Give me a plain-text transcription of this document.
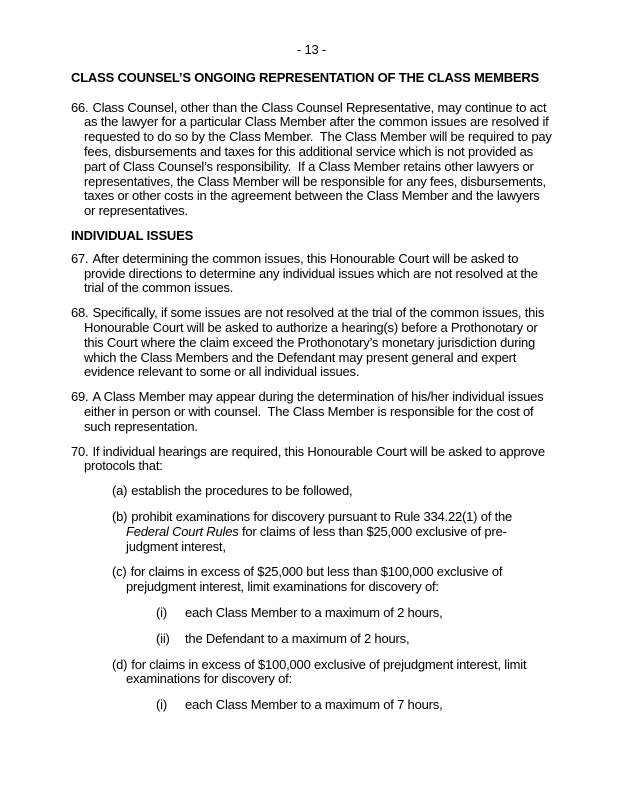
- 13 -
CLASS COUNSEL’S ONGOING REPRESENTATION OF THE CLASS MEMBERS

66. Class Counsel, other than the Class Counsel Representative, may continue to act as the lawyer for a particular Class Member after the common issues are resolved if requested to do so by the Class Member.  The Class Member will be required to pay fees, disbursements and taxes for this additional service which is not provided as part of Class Counsel’s responsibility.  If a Class Member retains other lawyers or representatives, the Class Member will be responsible for any fees, disbursements, taxes or other costs in the agreement between the Class Member and the lawyers or representatives.

INDIVIDUAL ISSUES

67. After determining the common issues, this Honourable Court will be asked to provide directions to determine any individual issues which are not resolved at the trial of the common issues.

68. Specifically, if some issues are not resolved at the trial of the common issues, this Honourable Court will be asked to authorize a hearing(s) before a Prothonotary or this Court where the claim exceed the Prothonotary’s monetary jurisdiction during which the Class Members and the Defendant may present general and expert evidence relevant to some or all individual issues.

69. A Class Member may appear during the determination of his/her individual issues either in person or with counsel.  The Class Member is responsible for the cost of such representation.

70. If individual hearings are required, this Honourable Court will be asked to approve protocols that:

(a) establish the procedures to be followed,

(b) prohibit examinations for discovery pursuant to Rule 334.22(1) of the Federal Court Rules for claims of less than $25,000 exclusive of pre-judgment interest,

(c) for claims in excess of $25,000 but less than $100,000 exclusive of prejudgment interest, limit examinations for discovery of:

(i) each Class Member to a maximum of 2 hours,

(ii) the Defendant to a maximum of 2 hours,

(d) for claims in excess of $100,000 exclusive of prejudgment interest, limit examinations for discovery of:

(i) each Class Member to a maximum of 7 hours,
